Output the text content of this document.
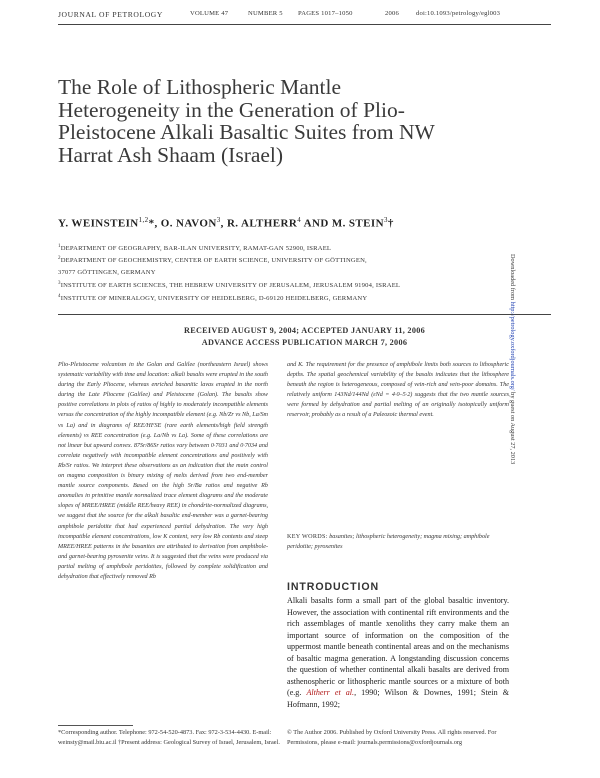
JOURNAL OF PETROLOGY	VOLUME 47	NUMBER 5 PAGES 1017–1050	2006	doi:10.1093/petrology/egl003
The Role of Lithospheric Mantle
Heterogeneity in the Generation of Plio-
Pleistocene Alkali Basaltic Suites from NW
Harrat Ash Shaam (Israel)
Y. WEINSTEIN$^{1,2}$*, O. NAVON$^3$, R. ALTHERR$^4$ AND M. STEIN$^3$†
$^1$DEPARTMENT OF GEOGRAPHY, BAR-ILAN UNIVERSITY, RAMAT-GAN 52900, ISRAEL
$^2$DEPARTMENT OF GEOCHEMISTRY, CENTER OF EARTH SCIENCE, UNIVERSITY OF GÖTTINGEN,
37077 GÖTTINGEN, GERMANY
$^3$INSTITUTE OF EARTH SCIENCES, THE HEBREW UNIVERSITY OF JERUSALEM, JERUSALEM 91904, ISRAEL
$^4$INSTITUTE OF MINERALOGY, UNIVERSITY OF HEIDELBERG, D-69120 HEIDELBERG, GERMANY
RECEIVED AUGUST 9, 2004; ACCEPTED JANUARY 11, 2006
ADVANCE ACCESS PUBLICATION MARCH 7, 2006
Plio-Pleistocene volcanism in the Golan and Galilee (northeastern Israel) shows systematic variability with time and location: alkali basalts were erupted in the south during the Early Pliocene, whereas enriched basanitic lavas erupted in the north during the Late Pliocene (Galilee) and Pleistocene (Golan). The basalts show positive correlations in plots of ratios of highly to moderately incompatible elements versus the concentration of the highly incompatible element (e.g. Nb/Zr vs Nb, La/Sm vs La) and in diagrams of REE/HFSE (rare earth elements/high field strength elements) vs REE concentration (e.g. La/Nb vs La). Some of these correlations are not linear but upward convex. 87Sr/86Sr ratios vary between 0·7031 and 0·7034 and correlate negatively with incompatible element concentrations and positively with Rb/Sr ratios. We interpret these observations as an indication that the main control on magma composition is binary mixing of melts derived from two end-member mantle source components. Based on the high Sr/Ba ratios and negative Rb anomalies in primitive mantle normalized trace element diagrams and the moderate slopes of MREE/HREE (middle REE/heavy REE) in chondrite-normalized diagrams, we suggest that the source for the alkali basaltic end-member was a garnet-bearing amphibole peridotite that had experienced partial dehydration. The very high incompatible element concentrations, low K content, very low Rb contents and steep MREE/HREE patterns in the basanites are attributed to derivation from amphibole- and garnet-bearing pyroxenite veins. It is suggested that the veins were produced via partial melting of amphibole peridotites, followed by complete solidification and dehydration that effectively removed Rb
and K. The requirement for the presence of amphibole limits both sources to lithospheric depths. The spatial geochemical variability of the basalts indicates that the lithosphere beneath the region is heterogeneous, composed of vein-rich and vein-poor domains. The relatively uniform 143Nd/144Nd (εNd = 4·0–5·2) suggests that the two mantle sources were formed by dehydration and partial melting of an originally isotopically uniform reservoir, probably as a result of a Paleozoic thermal event.
KEY WORDS: basanites; lithospheric heterogeneity; magma mixing; amphibole peridotite; pyroxenites
INTRODUCTION
Alkali basalts form a small part of the global basaltic inventory. However, the association with continental rift environments and the rich assemblages of mantle xenoliths they carry make them an important source of information on the composition of the uppermost mantle beneath continental areas and on the mechanisms of basaltic magma generation. A longstanding discussion concerns the question of whether continental alkali basalts are derived from asthenospheric or lithospheric mantle sources or a mixture of both (e.g. Altherr et al., 1990; Wilson & Downes, 1991; Stein & Hofmann, 1992;
*Corresponding author. Telephone: 972-54-520-4873. Fax: 972-3-534-4430. E-mail: weinsty@mail.biu.ac.il †Present address: Geological Survey of Israel, Jerusalem, Israel.
© The Author 2006. Published by Oxford University Press. All rights reserved. For Permissions, please e-mail: journals.permissions@oxfordjournals.org
Downloaded from http://petrology.oxfordjournals.org/ by guest on August 27, 2013
